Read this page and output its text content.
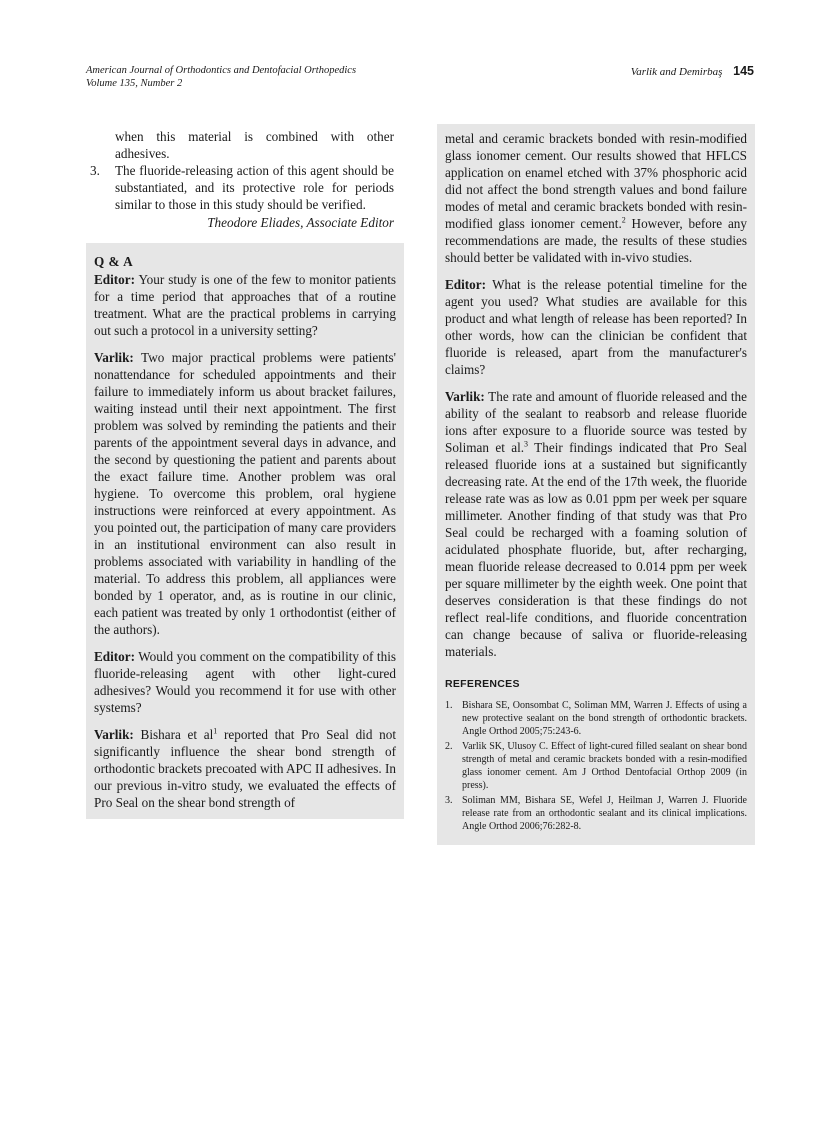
American Journal of Orthodontics and Dentofacial Orthopedics
Volume 135, Number 2
Varlik and Demirbaş 145

when this material is combined with other adhesives.

3. The fluoride-releasing action of this agent should be substantiated, and its protective role for periods similar to those in this study should be verified.
Theodore Eliades, Associate Editor
Q & A

Editor: Your study is one of the few to monitor patients for a time period that approaches that of a routine treatment. What are the practical problems in carrying out such a protocol in a university setting?

Varlik: Two major practical problems were patients' nonattendance for scheduled appointments and their failure to immediately inform us about bracket failures, waiting instead until their next appointment. The first problem was solved by reminding the patients and their parents of the appointment several days in advance, and the second by questioning the patient and parents about the exact failure time. Another problem was oral hygiene. To overcome this problem, oral hygiene instructions were reinforced at every appointment. As you pointed out, the participation of many care providers in an institutional environment can also result in problems associated with variability in handling of the material. To address this problem, all appliances were bonded by 1 operator, and, as is routine in our clinic, each patient was treated by only 1 orthodontist (either of the authors).

Editor: Would you comment on the compatibility of this fluoride-releasing agent with other light-cured adhesives? Would you recommend it for use with other systems?

Varlik: Bishara et $al^1$ reported that Pro Seal did not significantly influence the shear bond strength of orthodontic brackets precoated with APC II adhesives. In our previous in-vitro study, we evaluated the effects of Pro Seal on the shear bond strength of

metal and ceramic brackets bonded with resin-modified glass ionomer cement. Our results showed that HFLCS application on enamel etched with 37% phosphoric acid did not affect the bond strength values and bond failure modes of metal and ceramic brackets bonded with resin-modified glass ionomer cement.$^2$ However, before any recommendations are made, the results of these studies should better be validated with in-vivo studies.

Editor: What is the release potential timeline for the agent you used? What studies are available for this product and what length of release has been reported? In other words, how can the clinician be confident that fluoride is released, apart from the manufacturer's claims?

Varlik: The rate and amount of fluoride released and the ability of the sealant to reabsorb and release fluoride ions after exposure to a fluoride source was tested by Soliman et al.$^3$ Their findings indicated that Pro Seal released fluoride ions at a sustained but significantly decreasing rate. At the end of the 17th week, the fluoride release rate was as low as 0.01 ppm per week per square millimeter. Another finding of that study was that Pro Seal could be recharged with a foaming solution of acidulated phosphate fluoride, but, after recharging, mean fluoride release decreased to 0.014 ppm per week per square millimeter by the eighth week. One point that deserves consideration is that these findings do not reflect real-life conditions, and fluoride concentration can change because of saliva or fluoride-releasing materials.

REFERENCES
1. Bishara SE, Oonsombat C, Soliman MM, Warren J. Effects of using a new protective sealant on the bond strength of orthodontic brackets. Angle Orthod 2005;75:243-6.
2. Varlik SK, Ulusoy C. Effect of light-cured filled sealant on shear bond strength of metal and ceramic brackets bonded with a resin-modified glass ionomer cement. Am J Orthod Dentofacial Orthop 2009 (in press).
3. Soliman MM, Bishara SE, Wefel J, Heilman J, Warren J. Fluoride release rate from an orthodontic sealant and its clinical implications. Angle Orthod 2006;76:282-8.
